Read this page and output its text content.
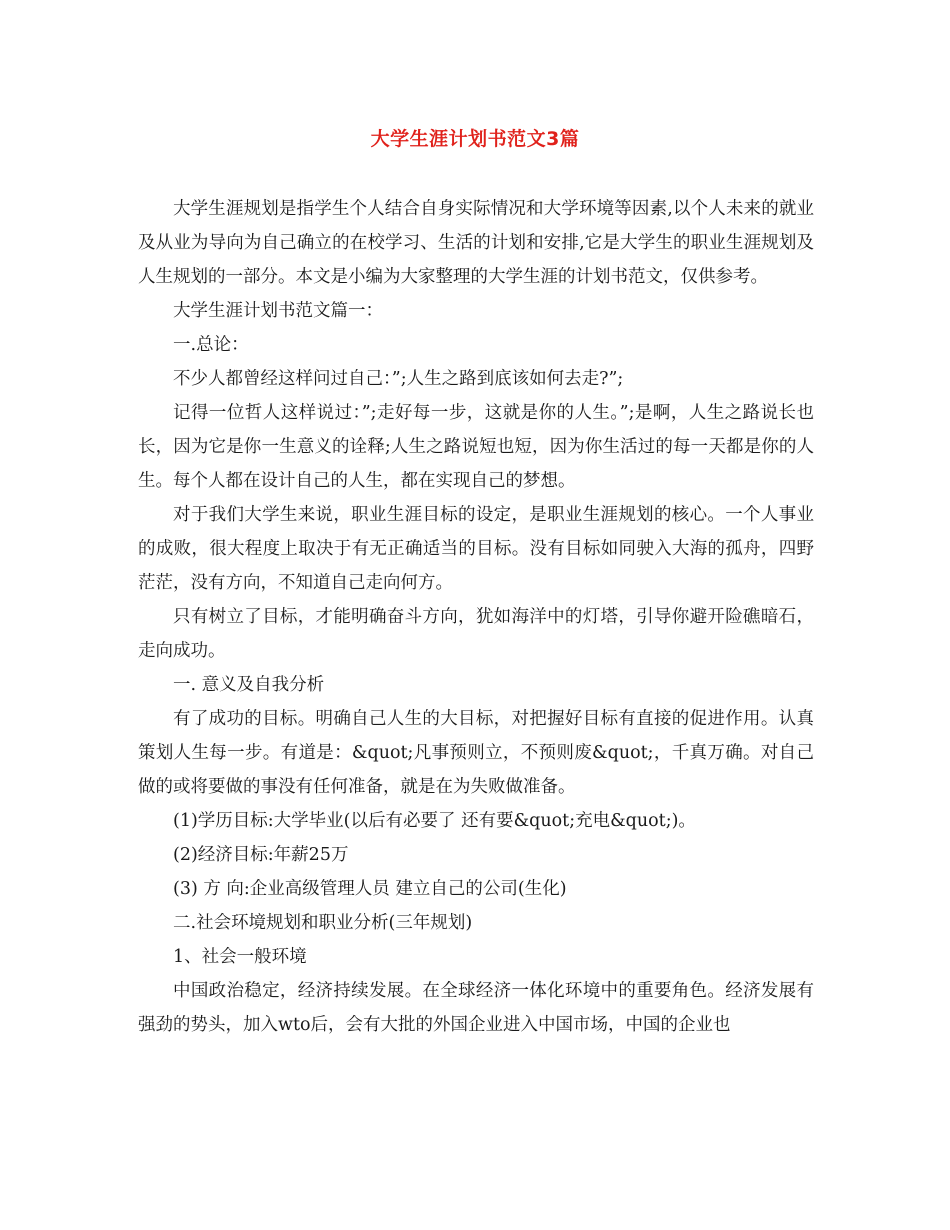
大学生涯计划书范文3篇

大学生涯规划是指学生个人结合自身实际情况和大学环境等因素,以个人未来的就业及从业为导向为自己确立的在校学习、生活的计划和安排,它是大学生的职业生涯规划及人生规划的一部分。本文是小编为大家整理的大学生涯的计划书范文，仅供参考。

大学生涯计划书范文篇一：

一.总论：

不少人都曾经这样问过自己：”;人生之路到底该如何去走?”;

记得一位哲人这样说过：”;走好每一步，这就是你的人生。”;是啊，人生之路说长也长，因为它是你一生意义的诠释;人生之路说短也短，因为你生活过的每一天都是你的人生。每个人都在设计自己的人生，都在实现自己的梦想。

对于我们大学生来说，职业生涯目标的设定，是职业生涯规划的核心。一个人事业的成败，很大程度上取决于有无正确适当的目标。没有目标如同驶入大海的孤舟，四野茫茫，没有方向，不知道自己走向何方。

只有树立了目标，才能明确奋斗方向，犹如海洋中的灯塔，引导你避开险礁暗石，走向成功。

一. 意义及自我分析

有了成功的目标。明确自己人生的大目标，对把握好目标有直接的促进作用。认真策划人生每一步。有道是：&quot;凡事预则立，不预则废&quot;，千真万确。对自己做的或将要做的事没有任何准备，就是在为失败做准备。

(1)学历目标:大学毕业(以后有必要了 还有要&quot;充电&quot;)。

(2)经济目标:年薪25万

(3) 方 向:企业高级管理人员 建立自己的公司(生化)

二.社会环境规划和职业分析(三年规划)

1、社会一般环境

中国政治稳定，经济持续发展。在全球经济一体化环境中的重要角色。经济发展有强劲的势头，加入wto后，会有大批的外国企业进入中国市场，中国的企业也
